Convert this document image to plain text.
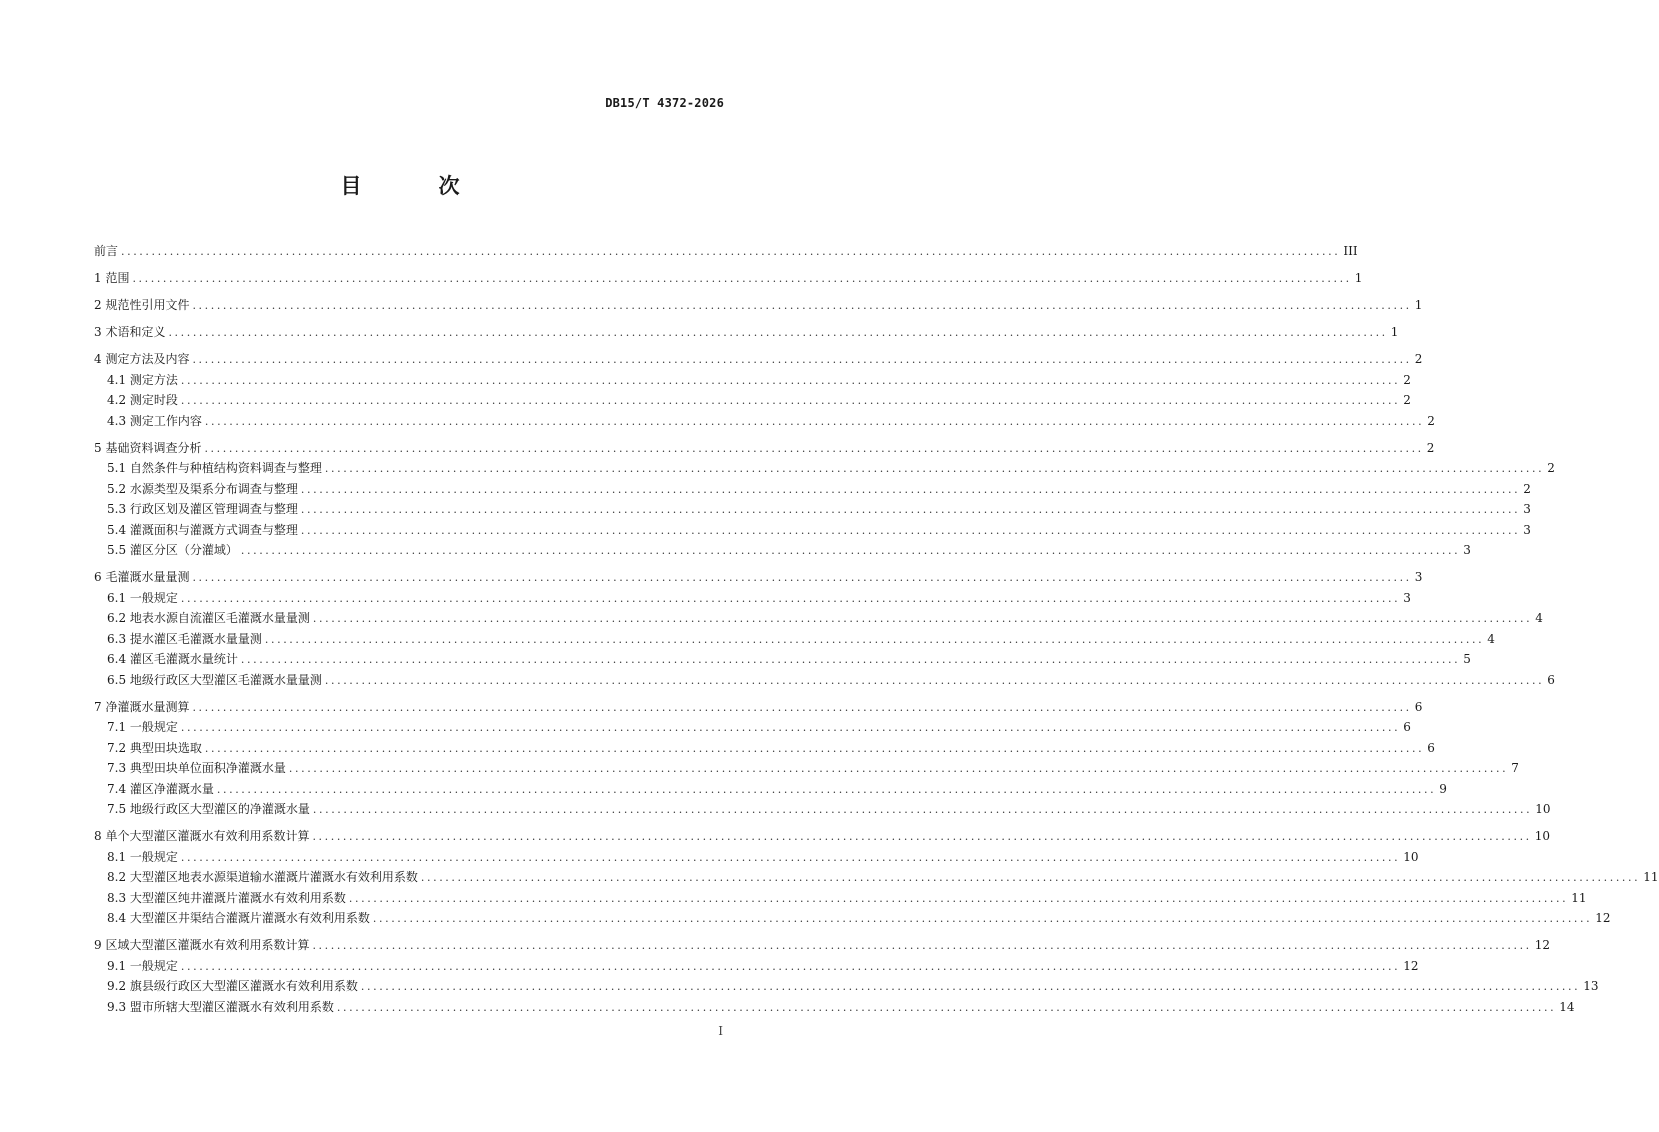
DB15/T 4372-2026
目　次
前言 ........................................................................................................................................................................................................ III
1 范围 ........................................................................................................................................................................................................ 1
2 规范性引用文件 ........................................................................................................................................................................................................ 1
3 术语和定义 ........................................................................................................................................................................................................ 1
4 测定方法及内容 ........................................................................................................................................................................................................ 2
4.1 测定方法 ........................................................................................................................................................................................................ 2
4.2 测定时段 ........................................................................................................................................................................................................ 2
4.3 测定工作内容 ........................................................................................................................................................................................................ 2
5 基础资料调查分析 ........................................................................................................................................................................................................ 2
5.1 自然条件与种植结构资料调查与整理 ........................................................................................................................................................................................................ 2
5.2 水源类型及渠系分布调查与整理 ........................................................................................................................................................................................................ 2
5.3 行政区划及灌区管理调查与整理 ........................................................................................................................................................................................................ 3
5.4 灌溉面积与灌溉方式调查与整理 ........................................................................................................................................................................................................ 3
5.5 灌区分区（分灌域） ........................................................................................................................................................................................................ 3
6 毛灌溉水量量测 ........................................................................................................................................................................................................ 3
6.1 一般规定 ........................................................................................................................................................................................................ 3
6.2 地表水源自流灌区毛灌溉水量量测 ........................................................................................................................................................................................................ 4
6.3 提水灌区毛灌溉水量量测 ........................................................................................................................................................................................................ 4
6.4 灌区毛灌溉水量统计 ........................................................................................................................................................................................................ 5
6.5 地级行政区大型灌区毛灌溉水量量测 ........................................................................................................................................................................................................ 6
7 净灌溉水量测算 ........................................................................................................................................................................................................ 6
7.1 一般规定 ........................................................................................................................................................................................................ 6
7.2 典型田块选取 ........................................................................................................................................................................................................ 6
7.3 典型田块单位面积净灌溉水量 ........................................................................................................................................................................................................ 7
7.4 灌区净灌溉水量 ........................................................................................................................................................................................................ 9
7.5 地级行政区大型灌区的净灌溉水量 ........................................................................................................................................................................................................ 10
8 单个大型灌区灌溉水有效利用系数计算 ........................................................................................................................................................................................................ 10
8.1 一般规定 ........................................................................................................................................................................................................ 10
8.2 大型灌区地表水源渠道输水灌溉片灌溉水有效利用系数 ........................................................................................................................................................................................................ 11
8.3 大型灌区纯井灌溉片灌溉水有效利用系数 ........................................................................................................................................................................................................ 11
8.4 大型灌区井渠结合灌溉片灌溉水有效利用系数 ........................................................................................................................................................................................................ 12
9 区域大型灌区灌溉水有效利用系数计算 ........................................................................................................................................................................................................ 12
9.1 一般规定 ........................................................................................................................................................................................................ 12
9.2 旗县级行政区大型灌区灌溉水有效利用系数 ........................................................................................................................................................................................................ 13
9.3 盟市所辖大型灌区灌溉水有效利用系数 ........................................................................................................................................................................................................ 14
I
